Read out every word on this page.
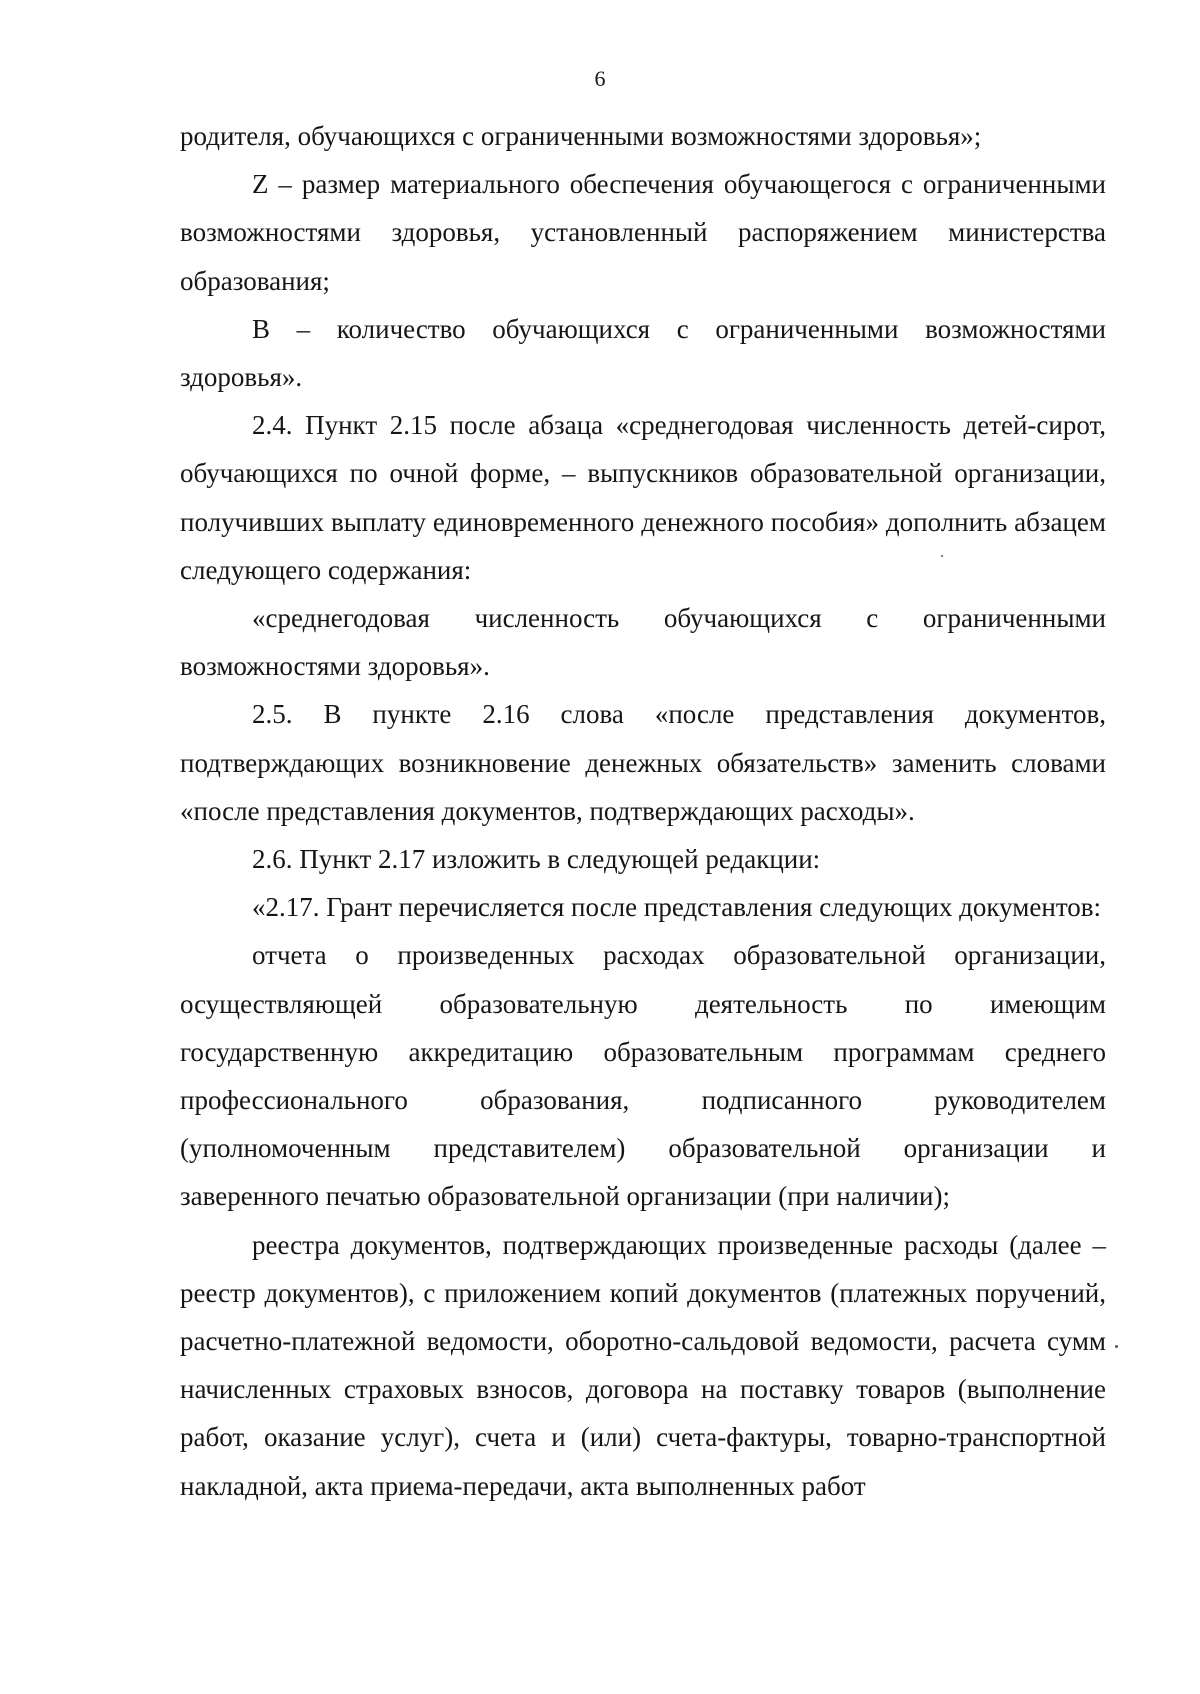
6

родителя, обучающихся с ограниченными возможностями здоровья»;

Z – размер материального обеспечения обучающегося с ограниченными возможностями здоровья, установленный распоряжением министерства образования;

В – количество обучающихся с ограниченными возможностями здоровья».

2.4. Пункт 2.15 после абзаца «среднегодовая численность детей-сирот, обучающихся по очной форме, – выпускников образовательной организации, получивших выплату единовременного денежного пособия» дополнить абзацем следующего содержания:

«среднегодовая численность обучающихся с ограниченными возможностями здоровья».

2.5. В пункте 2.16 слова «после представления документов, подтверждающих возникновение денежных обязательств» заменить словами «после представления документов, подтверждающих расходы».

2.6. Пункт 2.17 изложить в следующей редакции:

«2.17. Грант перечисляется после представления следующих документов:

отчета о произведенных расходах образовательной организации, осуществляющей образовательную деятельность по имеющим государственную аккредитацию образовательным программам среднего профессионального образования, подписанного руководителем (уполномоченным представителем) образовательной организации и заверенного печатью образовательной организации (при наличии);

реестра документов, подтверждающих произведенные расходы (далее – реестр документов), с приложением копий документов (платежных поручений, расчетно-платежной ведомости, оборотно-сальдовой ведомости, расчета сумм начисленных страховых взносов, договора на поставку товаров (выполнение работ, оказание услуг), счета и (или) счета-фактуры, товарно-транспортной накладной, акта приема-передачи, акта выполненных работ
